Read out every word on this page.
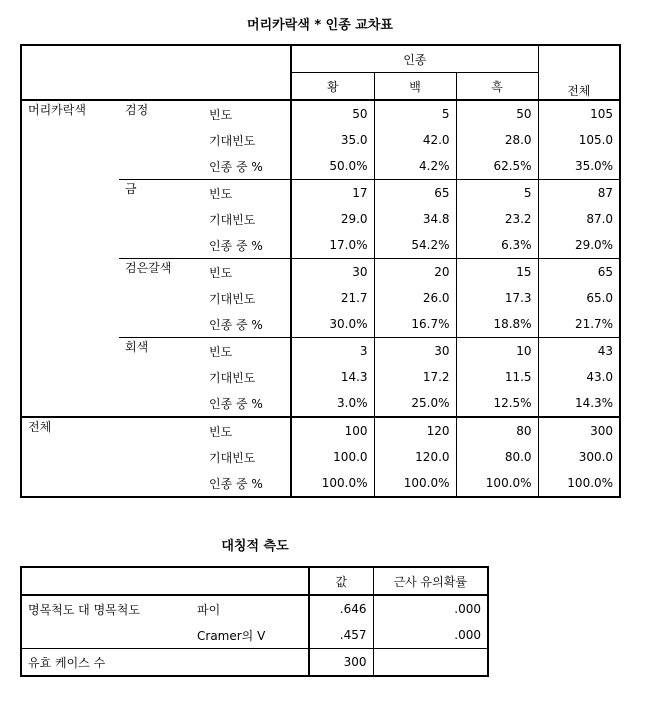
머리카락색 * 인종 교차표
			인종			전체
			황	백	흑	
머리카락색	검정	빈도	50	5	50	105
		기대빈도	35.0	42.0	28.0	105.0
		인종 중 %	50.0%	4.2%	62.5%	35.0%
	금	빈도	17	65	5	87
		기대빈도	29.0	34.8	23.2	87.0
		인종 중 %	17.0%	54.2%	6.3%	29.0%
	검은갈색	빈도	30	20	15	65
		기대빈도	21.7	26.0	17.3	65.0
		인종 중 %	30.0%	16.7%	18.8%	21.7%
	회색	빈도	3	30	10	43
		기대빈도	14.3	17.2	11.5	43.0
		인종 중 %	3.0%	25.0%	12.5%	14.3%
전체		빈도	100	120	80	300
		기대빈도	100.0	120.0	80.0	300.0
		인종 중 %	100.0%	100.0%	100.0%	100.0%
대칭적 측도
		값	근사 유의확률
명목척도 대 명목척도	파이	.646	.000
	Cramer의 V	.457	.000
유효 케이스 수		300	
